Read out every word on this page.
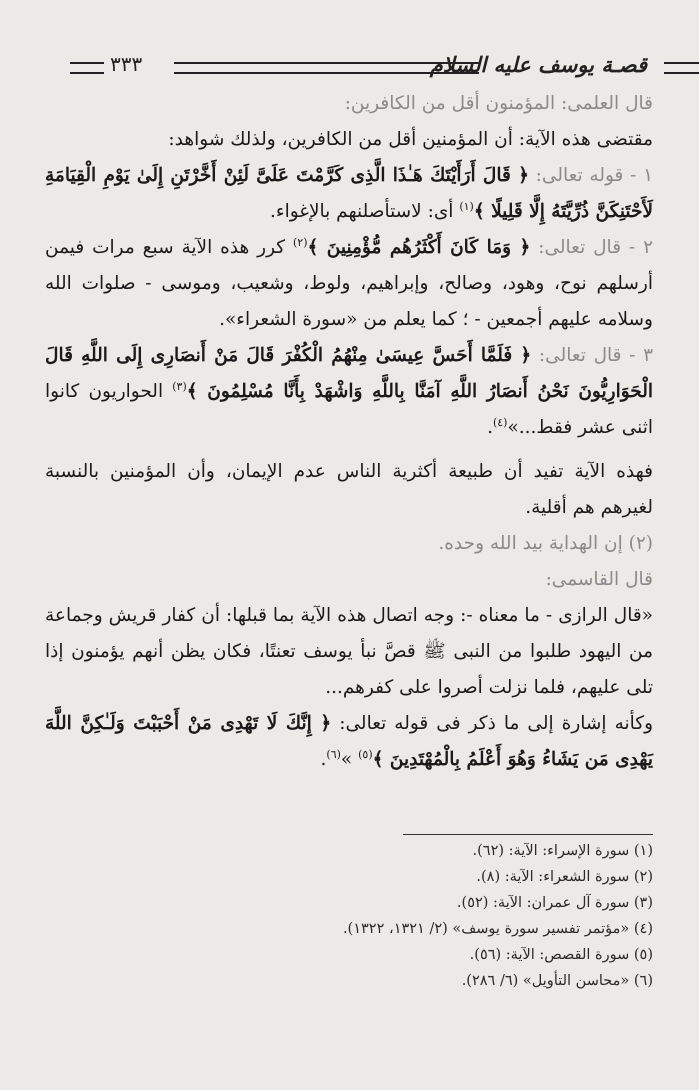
قصـة يوسف عليه السلام
٣٣٣

قال العلمى: المؤمنون أقل من الكافرين:

مقتضى هذه الآية: أن المؤمنين أقل من الكافرين، ولذلك شواهد:

١ - قوله تعالى: ﴿ قَالَ أَرَأَيْتَكَ هَـٰذَا الَّذِى كَرَّمْتَ عَلَىَّ لَئِنْ أَخَّرْتَنِ إِلَىٰ يَوْمِ الْقِيَامَةِ لَأَحْتَنِكَنَّ ذُرِّيَّتَهُ إِلَّا قَلِيلًا ﴾$^{(١)}$ أى: لاستأصلنهم بالإغواء.

٢ - قال تعالى: ﴿ وَمَا كَانَ أَكْثَرُهُم مُّؤْمِنِينَ ﴾$^{(٢)}$ كرر هذه الآية سبع مرات فيمن أرسلهم نوح، وهود، وصالح، وإبراهيم، ولوط، وشعيب، وموسى - صلوات الله وسلامه عليهم أجمعين - ؛ كما يعلم من «سورة الشعراء».

٣ - قال تعالى: ﴿ فَلَمَّا أَحَسَّ عِيسَىٰ مِنْهُمُ الْكُفْرَ قَالَ مَنْ أَنصَارِى إِلَى اللَّهِ قَالَ الْحَوَارِيُّونَ نَحْنُ أَنصَارُ اللَّهِ آمَنَّا بِاللَّهِ وَاشْهَدْ بِأَنَّا مُسْلِمُونَ ﴾$^{(٣)}$ الحواريون كانوا اثنى عشر فقط...»$^{(٤)}$.

فهذه الآية تفيد أن طبيعة أكثرية الناس عدم الإيمان، وأن المؤمنين بالنسبة لغيرهم هم أقلية.

(٢) إن الهداية بيد الله وحده.

قال القاسمى:

«قال الرازى - ما معناه -: وجه اتصال هذه الآية بما قبلها: أن كفار قريش وجماعة من اليهود طلبوا من النبى ﷺ قصَّ نبأ يوسف تعنتًا، فكان يظن أنهم يؤمنون إذا تلى عليهم، فلما نزلت أصروا على كفرهم...

وكأنه إشارة إلى ما ذكر فى قوله تعالى: ﴿ إِنَّكَ لَا تَهْدِى مَنْ أَحْبَبْتَ وَلَـٰكِنَّ اللَّهَ يَهْدِى مَن يَشَاءُ وَهُوَ أَعْلَمُ بِالْمُهْتَدِينَ ﴾$^{(٥)}$ »$^{(٦)}$.

(١) سورة الإسراء: الآية: (٦٢).
(٢) سورة الشعراء: الآية: (٨).
(٣) سورة آل عمران: الآية: (٥٢).
(٤) «مؤتمر تفسير سورة يوسف» (٢/ ١٣٢١، ١٣٢٢).
(٥) سورة القصص: الآية: (٥٦).
(٦) «محاسن التأويل» (٦/ ٢٨٦).
